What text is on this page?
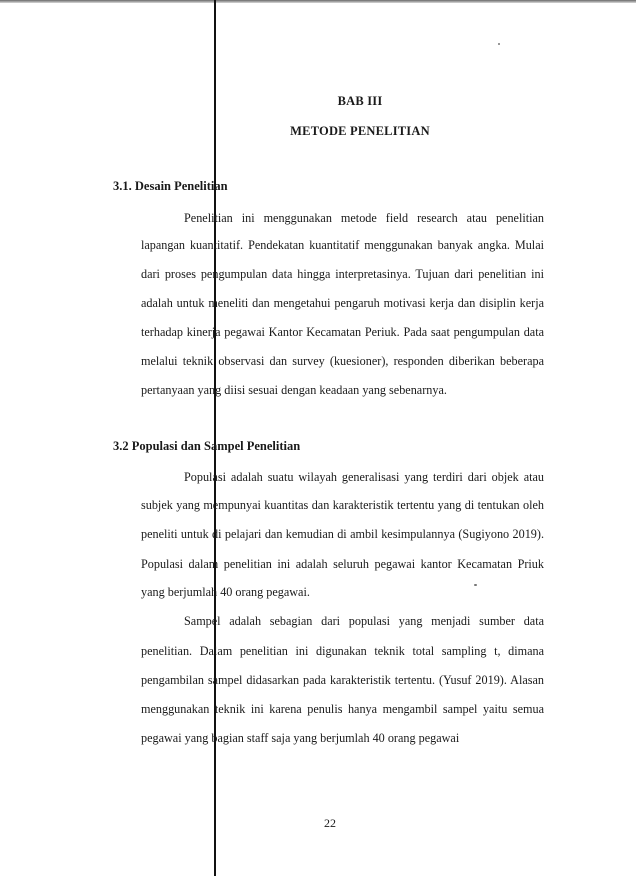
BAB III
METODE PENELITIAN
3.1. Desain Penelitian
Penelitian ini menggunakan metode field research atau penelitian
lapangan kuantitatif. Pendekatan kuantitatif menggunakan banyak angka. Mulai
dari proses pengumpulan data hingga interpretasinya. Tujuan dari penelitian ini
adalah untuk meneliti dan mengetahui pengaruh motivasi kerja dan disiplin kerja
terhadap kinerja pegawai Kantor Kecamatan Periuk. Pada saat pengumpulan data
melalui teknik observasi dan survey (kuesioner), responden diberikan beberapa
pertanyaan yang diisi sesuai dengan keadaan yang sebenarnya.
3.2 Populasi dan Sampel Penelitian
Populasi adalah suatu wilayah generalisasi yang terdiri dari objek atau
subjek yang mempunyai kuantitas dan karakteristik tertentu yang di tentukan oleh
peneliti untuk di pelajari dan kemudian di ambil kesimpulannya (Sugiyono 2019).
Populasi dalam penelitian ini adalah seluruh pegawai kantor Kecamatan Priuk
yang berjumlah 40 orang pegawai.
Sampel adalah sebagian dari populasi yang menjadi sumber data
penelitian. Dalam penelitian ini digunakan teknik total sampling t, dimana
pengambilan sampel didasarkan pada karakteristik tertentu. (Yusuf 2019). Alasan
menggunakan teknik ini karena penulis hanya mengambil sampel yaitu semua
pegawai yang bagian staff saja yang berjumlah 40 orang pegawai
22
